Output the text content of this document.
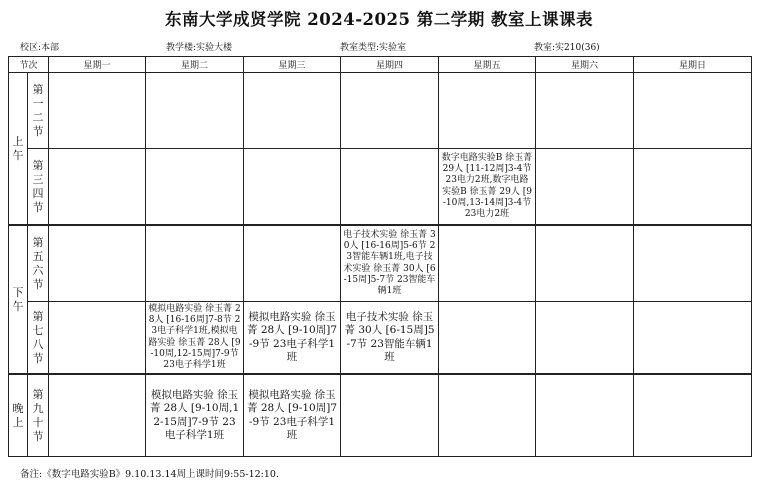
东南大学成贤学院 2024-2025 第二学期 教室上课课表
校区:本部	教学楼:实验大楼	教室类型:实验室	教室:实210(36)
节次		星期一	星期二	星期三	星期四	星期五	星期六	星期日
上午	第一二节							
	第三四节					数字电路实验B 徐玉菁 29人 [11-12周]3-4节 23电力2班,数字电路实验B 徐玉菁 29人 [9-10周,13-14周]3-4节 23电力2班		

下午	第五六节				电子技术实验 徐玉菁 30人 [16-16周]5-6节 23智能车辆1班,电子技术实验 徐玉菁 30人 [6-15周]5-7节 23智能车辆1班			

	第七八节		模拟电路实验 徐玉菁 28人 [16-16周]7-8节 23电子科学1班,模拟电路实验 徐玉菁 28人 [9-10周,12-15周]7-9节 23电子科学1班	模拟电路实验 徐玉菁 28人 [9-10周]7-9节 23电子科学1班	电子技术实验 徐玉菁 30人 [6-15周]5-7节 23智能车辆1班			

晚上	第九十节		模拟电路实验 徐玉菁 28人 [9-10周,12-15周]7-9节 23电子科学1班	模拟电路实验 徐玉菁 28人 [9-10周]7-9节 23电子科学1班				

备注:《数字电路实验B》9.10.13.14周上课时间9:55-12:10.
